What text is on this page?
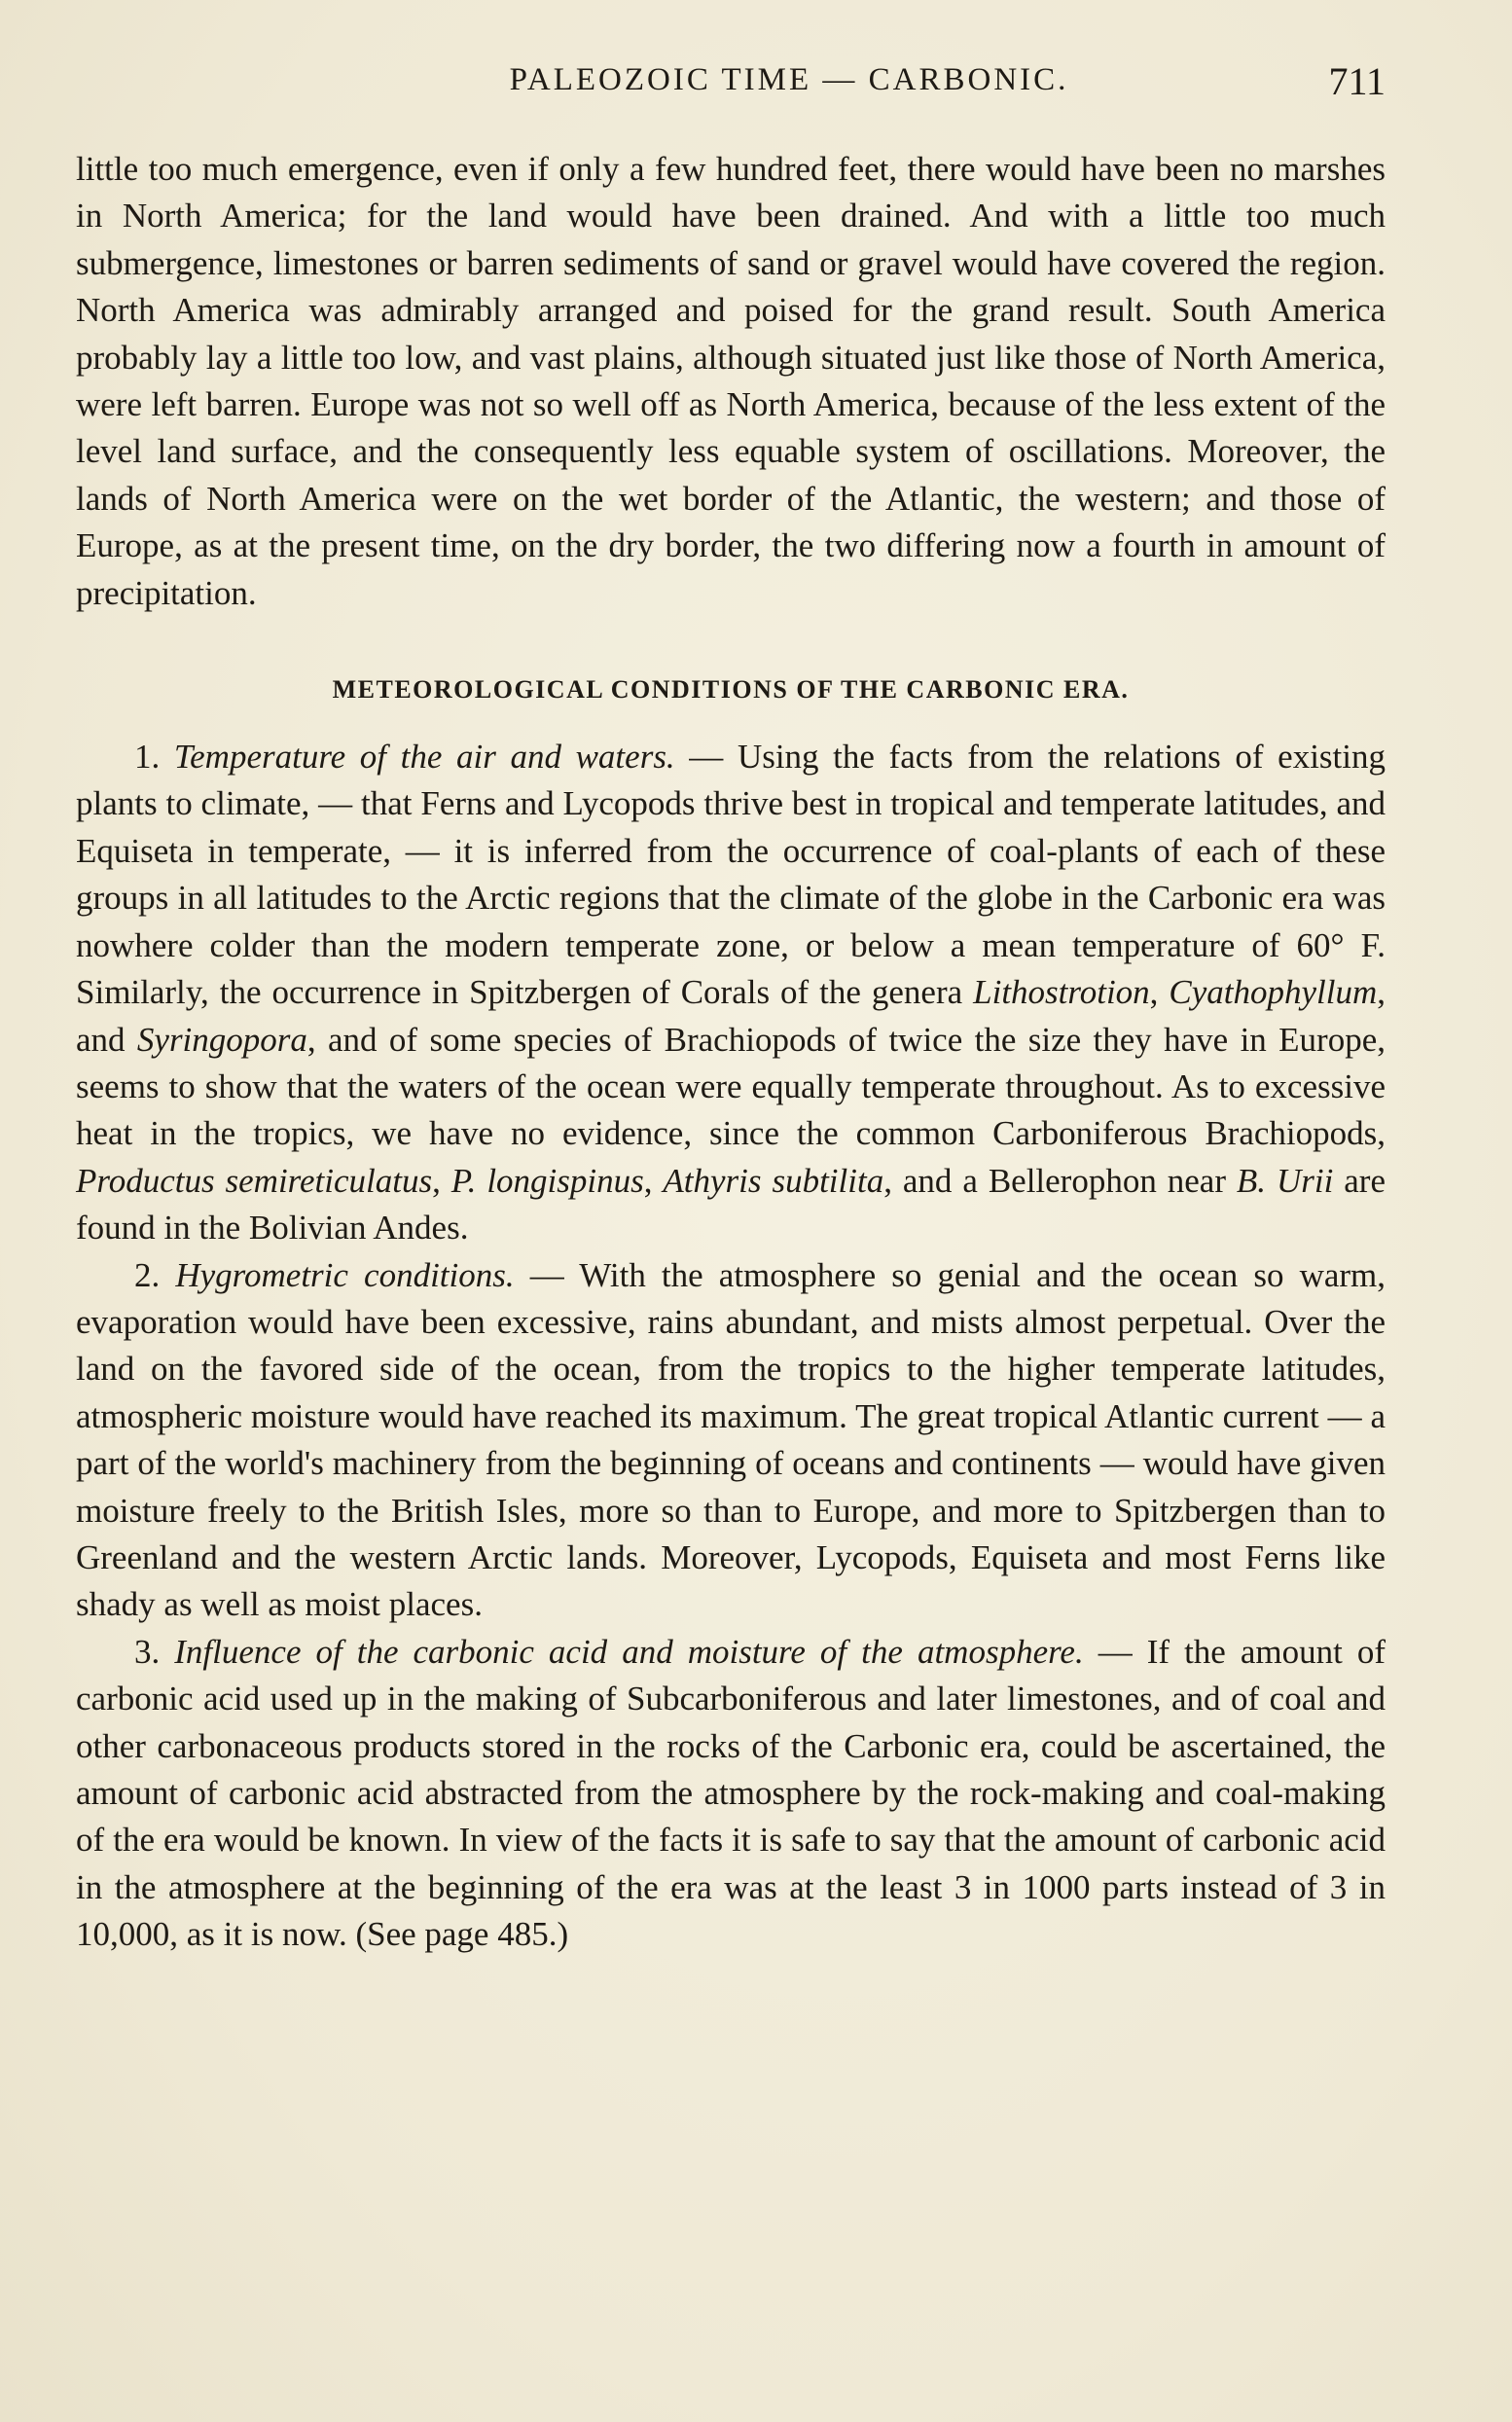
PALEOZOIC TIME — CARBONIC.	711

little too much emergence, even if only a few hundred feet, there would have been no marshes in North America; for the land would have been drained. And with a little too much submergence, limestones or barren sediments of sand or gravel would have covered the region. North America was admirably arranged and poised for the grand result. South America probably lay a little too low, and vast plains, although situated just like those of North America, were left barren. Europe was not so well off as North America, because of the less extent of the level land surface, and the consequently less equable system of oscillations. Moreover, the lands of North America were on the wet border of the Atlantic, the western; and those of Europe, as at the present time, on the dry border, the two differing now a fourth in amount of precipitation.

METEOROLOGICAL CONDITIONS OF THE CARBONIC ERA.

1. Temperature of the air and waters. — Using the facts from the relations of existing plants to climate, — that Ferns and Lycopods thrive best in tropical and temperate latitudes, and Equiseta in temperate, — it is inferred from the occurrence of coal-plants of each of these groups in all latitudes to the Arctic regions that the climate of the globe in the Carbonic era was nowhere colder than the modern temperate zone, or below a mean temperature of 60° F. Similarly, the occurrence in Spitzbergen of Corals of the genera Lithostrotion, Cyathophyllum, and Syringopora, and of some species of Brachiopods of twice the size they have in Europe, seems to show that the waters of the ocean were equally temperate throughout. As to excessive heat in the tropics, we have no evidence, since the common Carboniferous Brachiopods, Productus semireticulatus, P. longispinus, Athyris subtilita, and a Bellerophon near B. Urii are found in the Bolivian Andes.

2. Hygrometric conditions. — With the atmosphere so genial and the ocean so warm, evaporation would have been excessive, rains abundant, and mists almost perpetual. Over the land on the favored side of the ocean, from the tropics to the higher temperate latitudes, atmospheric moisture would have reached its maximum. The great tropical Atlantic current — a part of the world's machinery from the beginning of oceans and continents — would have given moisture freely to the British Isles, more so than to Europe, and more to Spitzbergen than to Greenland and the western Arctic lands. Moreover, Lycopods, Equiseta and most Ferns like shady as well as moist places.

3. Influence of the carbonic acid and moisture of the atmosphere. — If the amount of carbonic acid used up in the making of Subcarboniferous and later limestones, and of coal and other carbonaceous products stored in the rocks of the Carbonic era, could be ascertained, the amount of carbonic acid abstracted from the atmosphere by the rock-making and coal-making of the era would be known. In view of the facts it is safe to say that the amount of carbonic acid in the atmosphere at the beginning of the era was at the least 3 in 1000 parts instead of 3 in 10,000, as it is now. (See page 485.)
